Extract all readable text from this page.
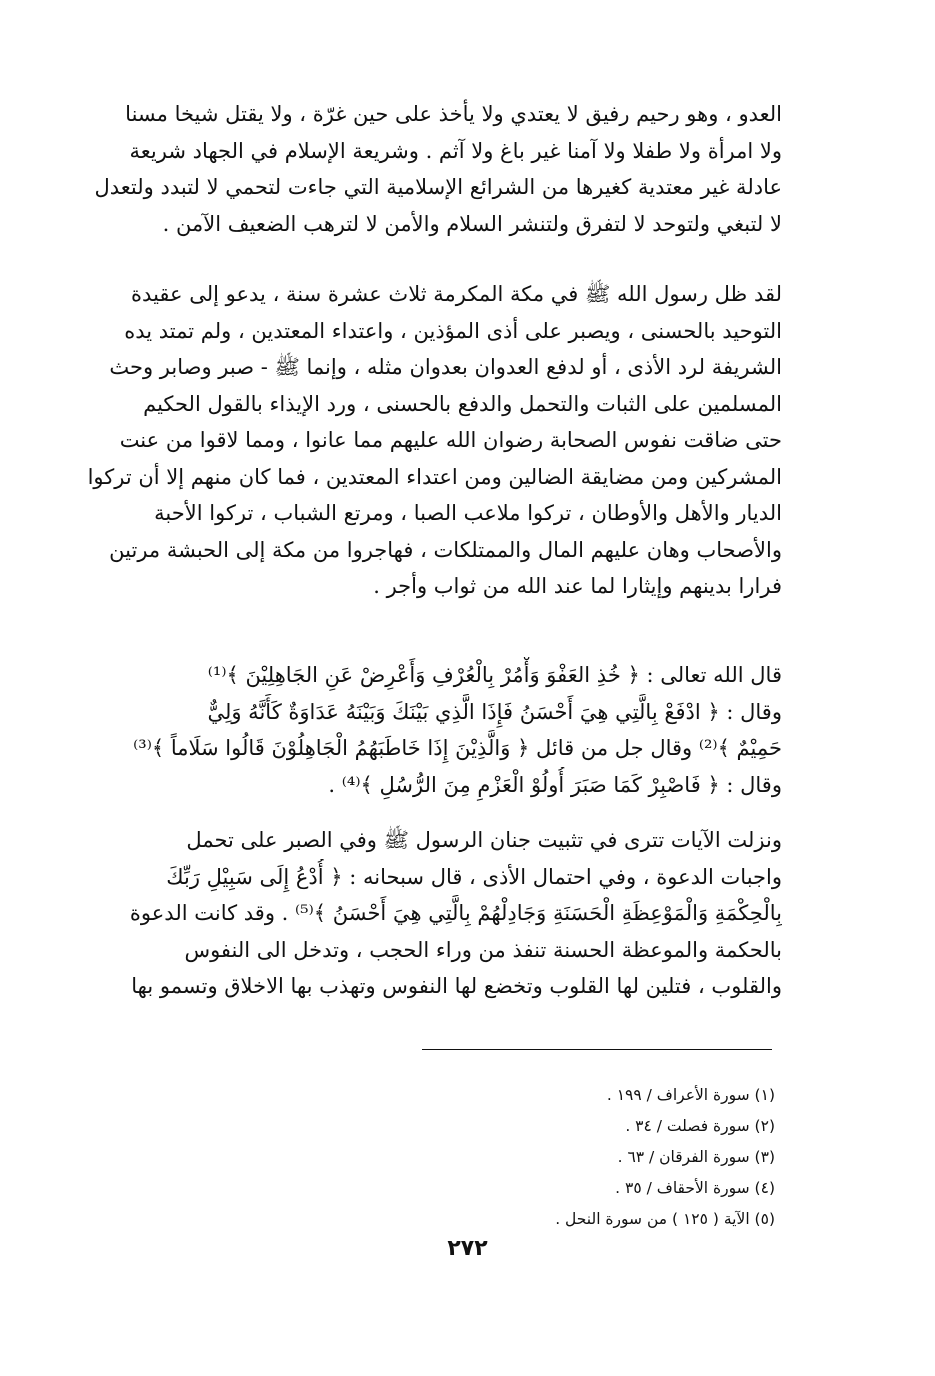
العدو ، وهو رحيم رفيق لا يعتدي ولا يأخذ على حين غرّة ، ولا يقتل شيخا مسنا
ولا امرأة ولا طفلا ولا آمنا غير باغ ولا آثم . وشريعة الإسلام في الجهاد شريعة
عادلة غير معتدية كغيرها من الشرائع الإسلامية التي جاءت لتحمي لا لتبدد ولتعدل
لا لتبغي ولتوحد لا لتفرق ولتنشر السلام والأمن لا لترهب الضعيف الآمن .
لقد ظل رسول الله ﷺ في مكة المكرمة ثلاث عشرة سنة ، يدعو إلى عقيدة
التوحيد بالحسنى ، ويصبر على أذى المؤذين ، واعتداء المعتدين ، ولم تمتد يده
الشريفة لرد الأذى ، أو لدفع العدوان بعدوان مثله ، وإنما ﷺ - صبر وصابر وحث
المسلمين على الثبات والتحمل والدفع بالحسنى ، ورد الإيذاء بالقول الحكيم
حتى ضاقت نفوس الصحابة رضوان الله عليهم مما عانوا ، ومما لاقوا من عنت
المشركين ومن مضايقة الضالين ومن اعتداء المعتدين ، فما كان منهم إلا أن تركوا
الديار والأهل والأوطان ، تركوا ملاعب الصبا ، ومرتع الشباب ، تركوا الأحبة
والأصحاب وهان عليهم المال والممتلكات ، فهاجروا من مكة إلى الحبشة مرتين
فرارا بدينهم وإيثارا لما عند الله من ثواب وأجر .
قال الله تعالى : ﴿ خُذِ العَفْوَ وَأْمُرْ بِالْعُرْفِ وَأَعْرِضْ عَنِ الجَاهِلِيْنَ ﴾⁽¹⁾
وقال : ﴿ ادْفَعْ بِالَّتِي هِيَ أَحْسَنُ فَإِذَا الَّذِي بَيْنَكَ وَبَيْنَهُ عَدَاوَةٌ كَأَنَّهُ وَلِيٌّ
حَمِيْمٌ ﴾⁽²⁾ وقال جل من قائل ﴿ وَالَّذِيْنَ إِذَا خَاطَبَهُمُ الْجَاهِلُوْنَ قَالُوا سَلَاماً ﴾⁽³⁾
وقال : ﴿ فَاصْبِرْ كَمَا صَبَرَ أُولُوْ الْعَزْمِ مِنَ الرُّسُلِ ﴾⁽⁴⁾ .
ونزلت الآيات تترى في تثبيت جنان الرسول ﷺ وفي الصبر على تحمل
واجبات الدعوة ، وفي احتمال الأذى ، قال سبحانه : ﴿ أُدْعُ إِلَى سَبِيْلِ رَبِّكَ
بِالْحِكْمَةِ وَالْمَوْعِظَةِ الْحَسَنَةِ وَجَادِلْهُمْ بِالَّتِي هِيَ أَحْسَنُ ﴾⁽⁵⁾ . وقد كانت الدعوة
بالحكمة والموعظة الحسنة تنفذ من وراء الحجب ، وتدخل الى النفوس
والقلوب ، فتلين لها القلوب وتخضع لها النفوس وتهذب بها الاخلاق وتسمو بها
(١) سورة الأعراف / ١٩٩ .
(٢) سورة فصلت / ٣٤ .
(٣) سورة الفرقان / ٦٣ .
(٤) سورة الأحقاف / ٣٥ .
(٥) الآية ( ١٢٥ ) من سورة النحل .
٢٧٢
